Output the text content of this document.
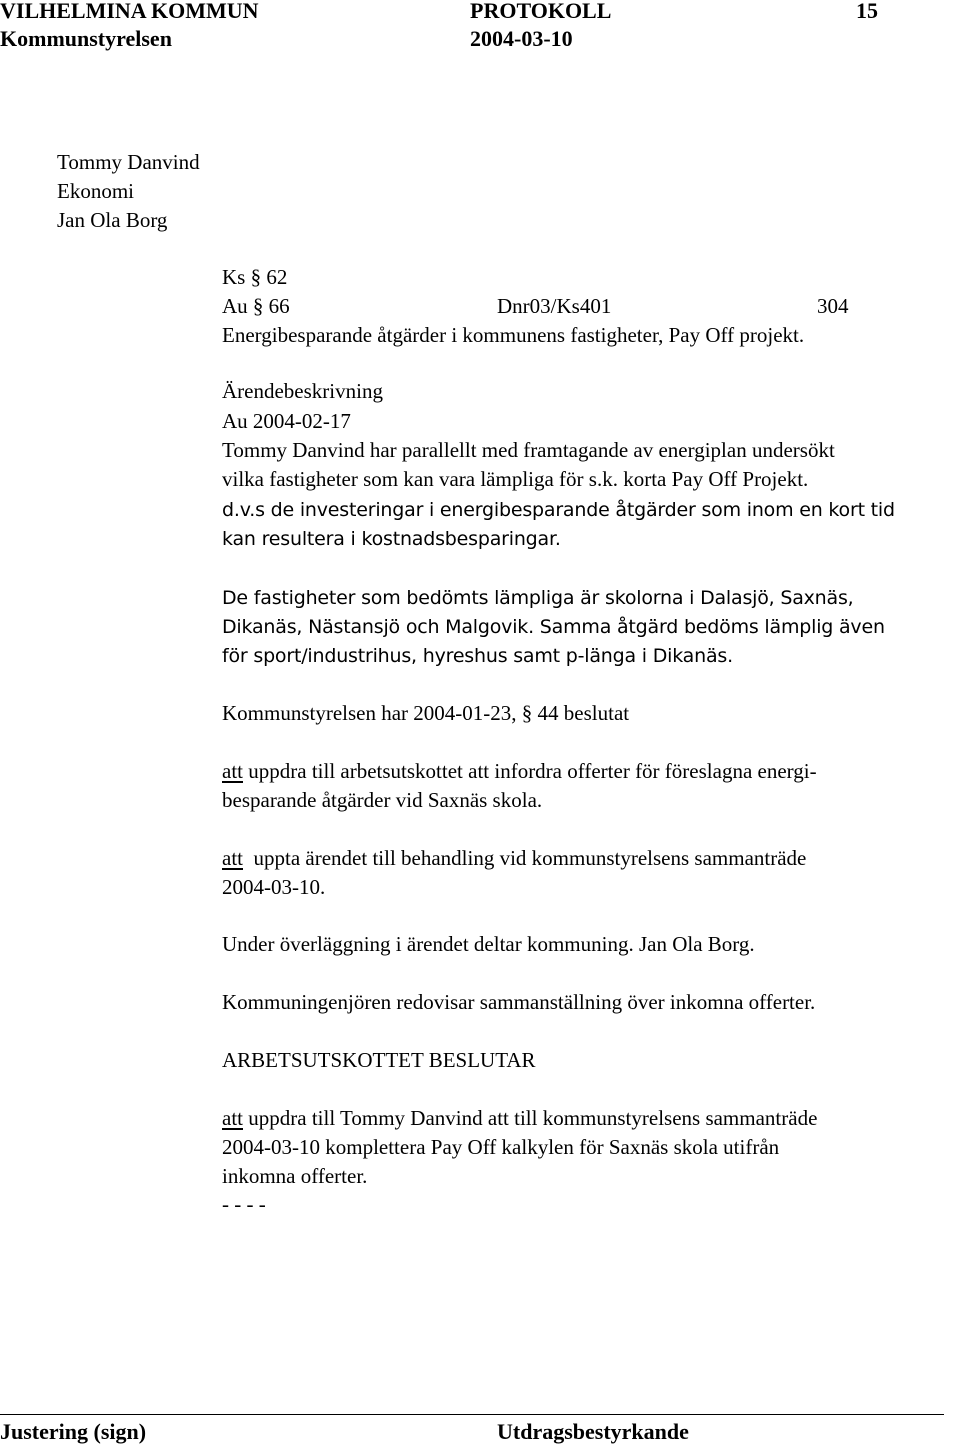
VILHELMINA KOMMUN	PROTOKOLL	15
Kommunstyrelsen	2004-03-10
Tommy Danvind
Ekonomi
Jan Ola Borg
Ks § 62
Au § 66	Dnr03/Ks401	304
Energibesparande åtgärder i kommunens fastigheter, Pay Off projekt.
Ärendebeskrivning
Au 2004-02-17
Tommy Danvind har parallellt med framtagande av energiplan undersökt
vilka fastigheter som kan vara lämpliga för s.k. korta Pay Off Projekt.
d.v.s de investeringar i energibesparande åtgärder som inom en kort tid
kan resultera i kostnadsbesparingar.
De fastigheter som bedömts lämpliga är skolorna i Dalasjö, Saxnäs,
Dikanäs, Nästansjö och Malgovik. Samma åtgärd bedöms lämplig även
för sport/industrihus, hyreshus samt p-länga i Dikanäs.
Kommunstyrelsen har 2004-01-23, § 44 beslutat
att uppdra till arbetsutskottet att infordra offerter för föreslagna energi-
besparande åtgärder vid Saxnäs skola.
att  uppta ärendet till behandling vid kommunstyrelsens sammanträde
2004-03-10.
Under överläggning i ärendet deltar kommuning. Jan Ola Borg.
Kommuningenjören redovisar sammanställning över inkomna offerter.
ARBETSUTSKOTTET BESLUTAR
att uppdra till Tommy Danvind att till kommunstyrelsens sammanträde
2004-03-10 komplettera Pay Off kalkylen för Saxnäs skola utifrån
inkomna offerter.
- - - -
Justering (sign)	Utdragsbestyrkande
